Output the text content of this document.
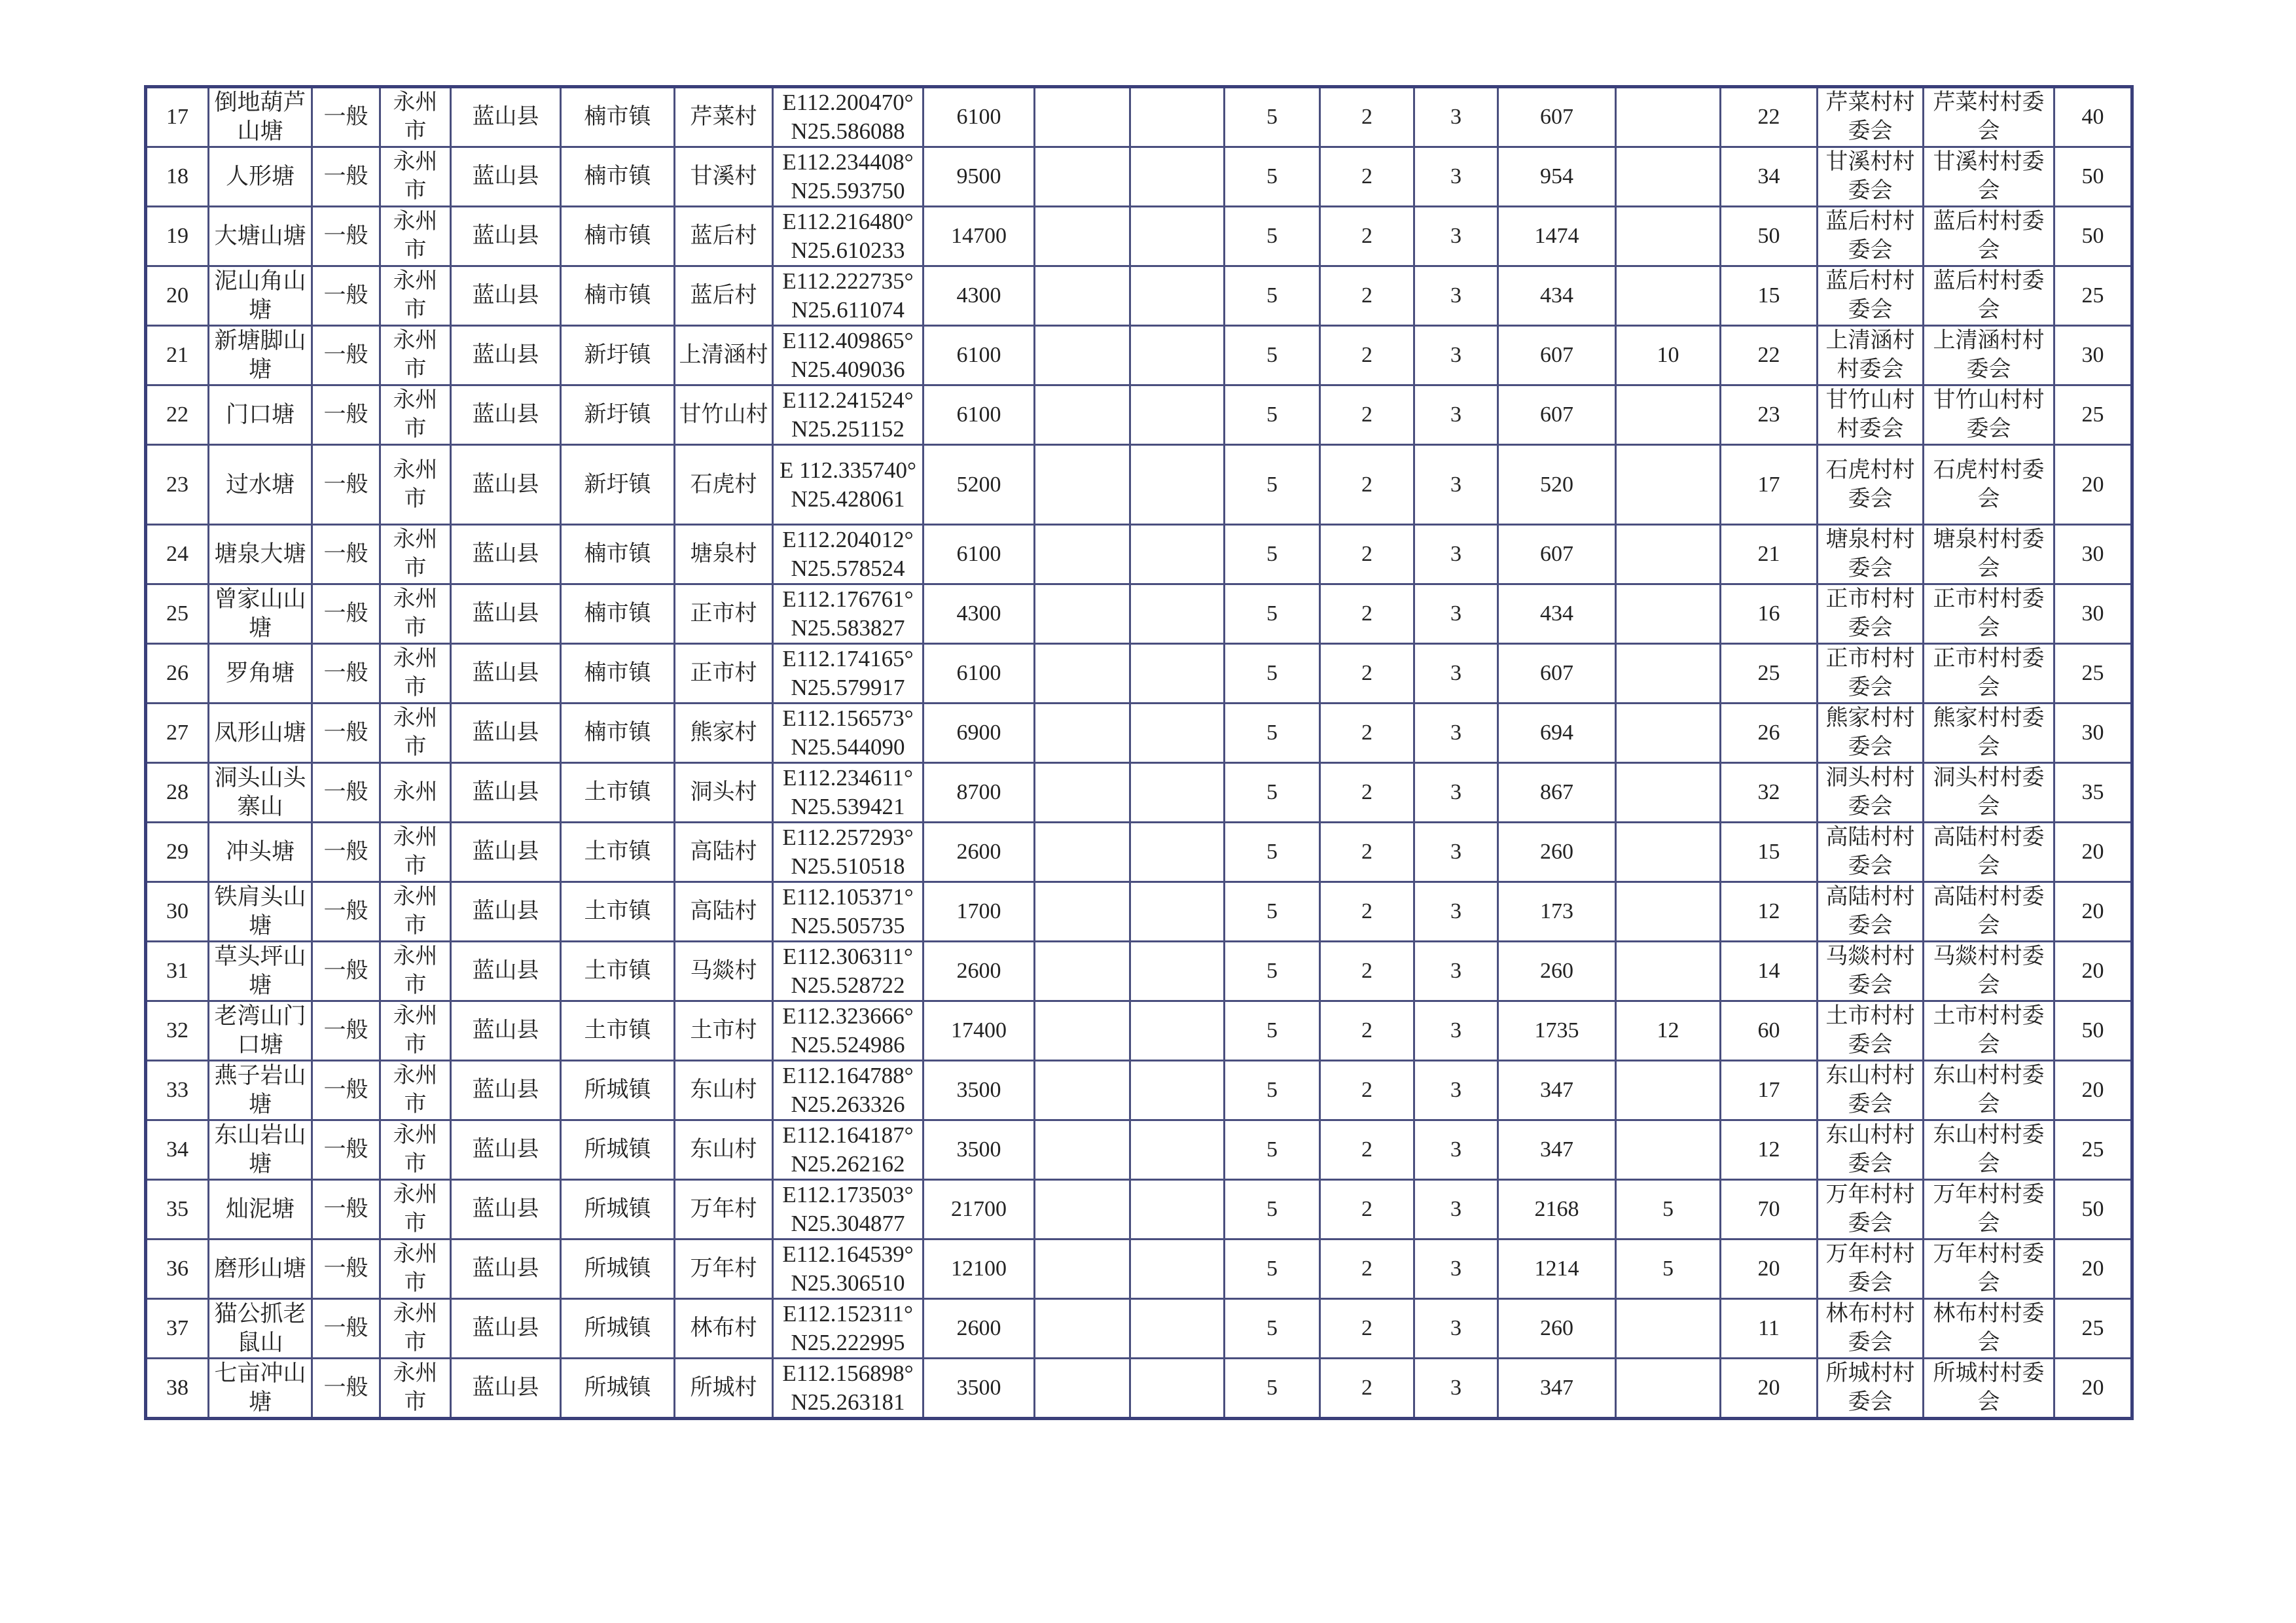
17	倒地葫芦山塘	一般	永州市	蓝山县	楠市镇	芹菜村	E112.200470°N25.586088	6100			5	2	3	607		22	芹菜村村委会	芹菜村村委会	40
18	人形塘	一般	永州市	蓝山县	楠市镇	甘溪村	E112.234408°N25.593750	9500			5	2	3	954		34	甘溪村村委会	甘溪村村委会	50
19	大塘山塘	一般	永州市	蓝山县	楠市镇	蓝后村	E112.216480°N25.610233	14700			5	2	3	1474		50	蓝后村村委会	蓝后村村委会	50
20	泥山角山塘	一般	永州市	蓝山县	楠市镇	蓝后村	E112.222735°N25.611074	4300			5	2	3	434		15	蓝后村村委会	蓝后村村委会	25
21	新塘脚山塘	一般	永州市	蓝山县	新圩镇	上清涵村	E112.409865°N25.409036	6100			5	2	3	607	10	22	上清涵村村委会	上清涵村村委会	30
22	门口塘	一般	永州市	蓝山县	新圩镇	甘竹山村	E112.241524°N25.251152	6100			5	2	3	607		23	甘竹山村村委会	甘竹山村村委会	25
23	过水塘	一般	永州市	蓝山县	新圩镇	石虎村	E 112.335740° N25.428061	5200			5	2	3	520		17	石虎村村委会	石虎村村委会	20
24	塘泉大塘	一般	永州市	蓝山县	楠市镇	塘泉村	E112.204012°N25.578524	6100			5	2	3	607		21	塘泉村村委会	塘泉村村委会	30
25	曾家山山塘	一般	永州市	蓝山县	楠市镇	正市村	E112.176761°N25.583827	4300			5	2	3	434		16	正市村村委会	正市村村委会	30
26	罗角塘	一般	永州市	蓝山县	楠市镇	正市村	E112.174165°N25.579917	6100			5	2	3	607		25	正市村村委会	正市村村委会	25
27	凤形山塘	一般	永州市	蓝山县	楠市镇	熊家村	E112.156573°N25.544090	6900			5	2	3	694		26	熊家村村委会	熊家村村委会	30
28	洞头山头寨山	一般	永州	蓝山县	土市镇	洞头村	E112.234611°N25.539421	8700			5	2	3	867		32	洞头村村委会	洞头村村委会	35
29	冲头塘	一般	永州市	蓝山县	土市镇	高陆村	E112.257293°N25.510518	2600			5	2	3	260		15	高陆村村委会	高陆村村委会	20
30	铁肩头山塘	一般	永州市	蓝山县	土市镇	高陆村	E112.105371°N25.505735	1700			5	2	3	173		12	高陆村村委会	高陆村村委会	20
31	草头坪山塘	一般	永州市	蓝山县	土市镇	马燚村	E112.306311°N25.528722	2600			5	2	3	260		14	马燚村村委会	马燚村村委会	20
32	老湾山门口塘	一般	永州市	蓝山县	土市镇	土市村	E112.323666°N25.524986	17400			5	2	3	1735	12	60	土市村村委会	土市村村委会	50
33	燕子岩山塘	一般	永州市	蓝山县	所城镇	东山村	E112.164788°N25.263326	3500			5	2	3	347		17	东山村村委会	东山村村委会	20
34	东山岩山塘	一般	永州市	蓝山县	所城镇	东山村	E112.164187°N25.262162	3500			5	2	3	347		12	东山村村委会	东山村村委会	25
35	灿泥塘	一般	永州市	蓝山县	所城镇	万年村	E112.173503°N25.304877	21700			5	2	3	2168	5	70	万年村村委会	万年村村委会	50
36	磨形山塘	一般	永州市	蓝山县	所城镇	万年村	E112.164539°N25.306510	12100			5	2	3	1214	5	20	万年村村委会	万年村村委会	20
37	猫公抓老鼠山	一般	永州市	蓝山县	所城镇	林布村	E112.152311°N25.222995	2600			5	2	3	260		11	林布村村委会	林布村村委会	25
38	七亩冲山塘	一般	永州市	蓝山县	所城镇	所城村	E112.156898°N25.263181	3500			5	2	3	347		20	所城村村委会	所城村村委会	20
